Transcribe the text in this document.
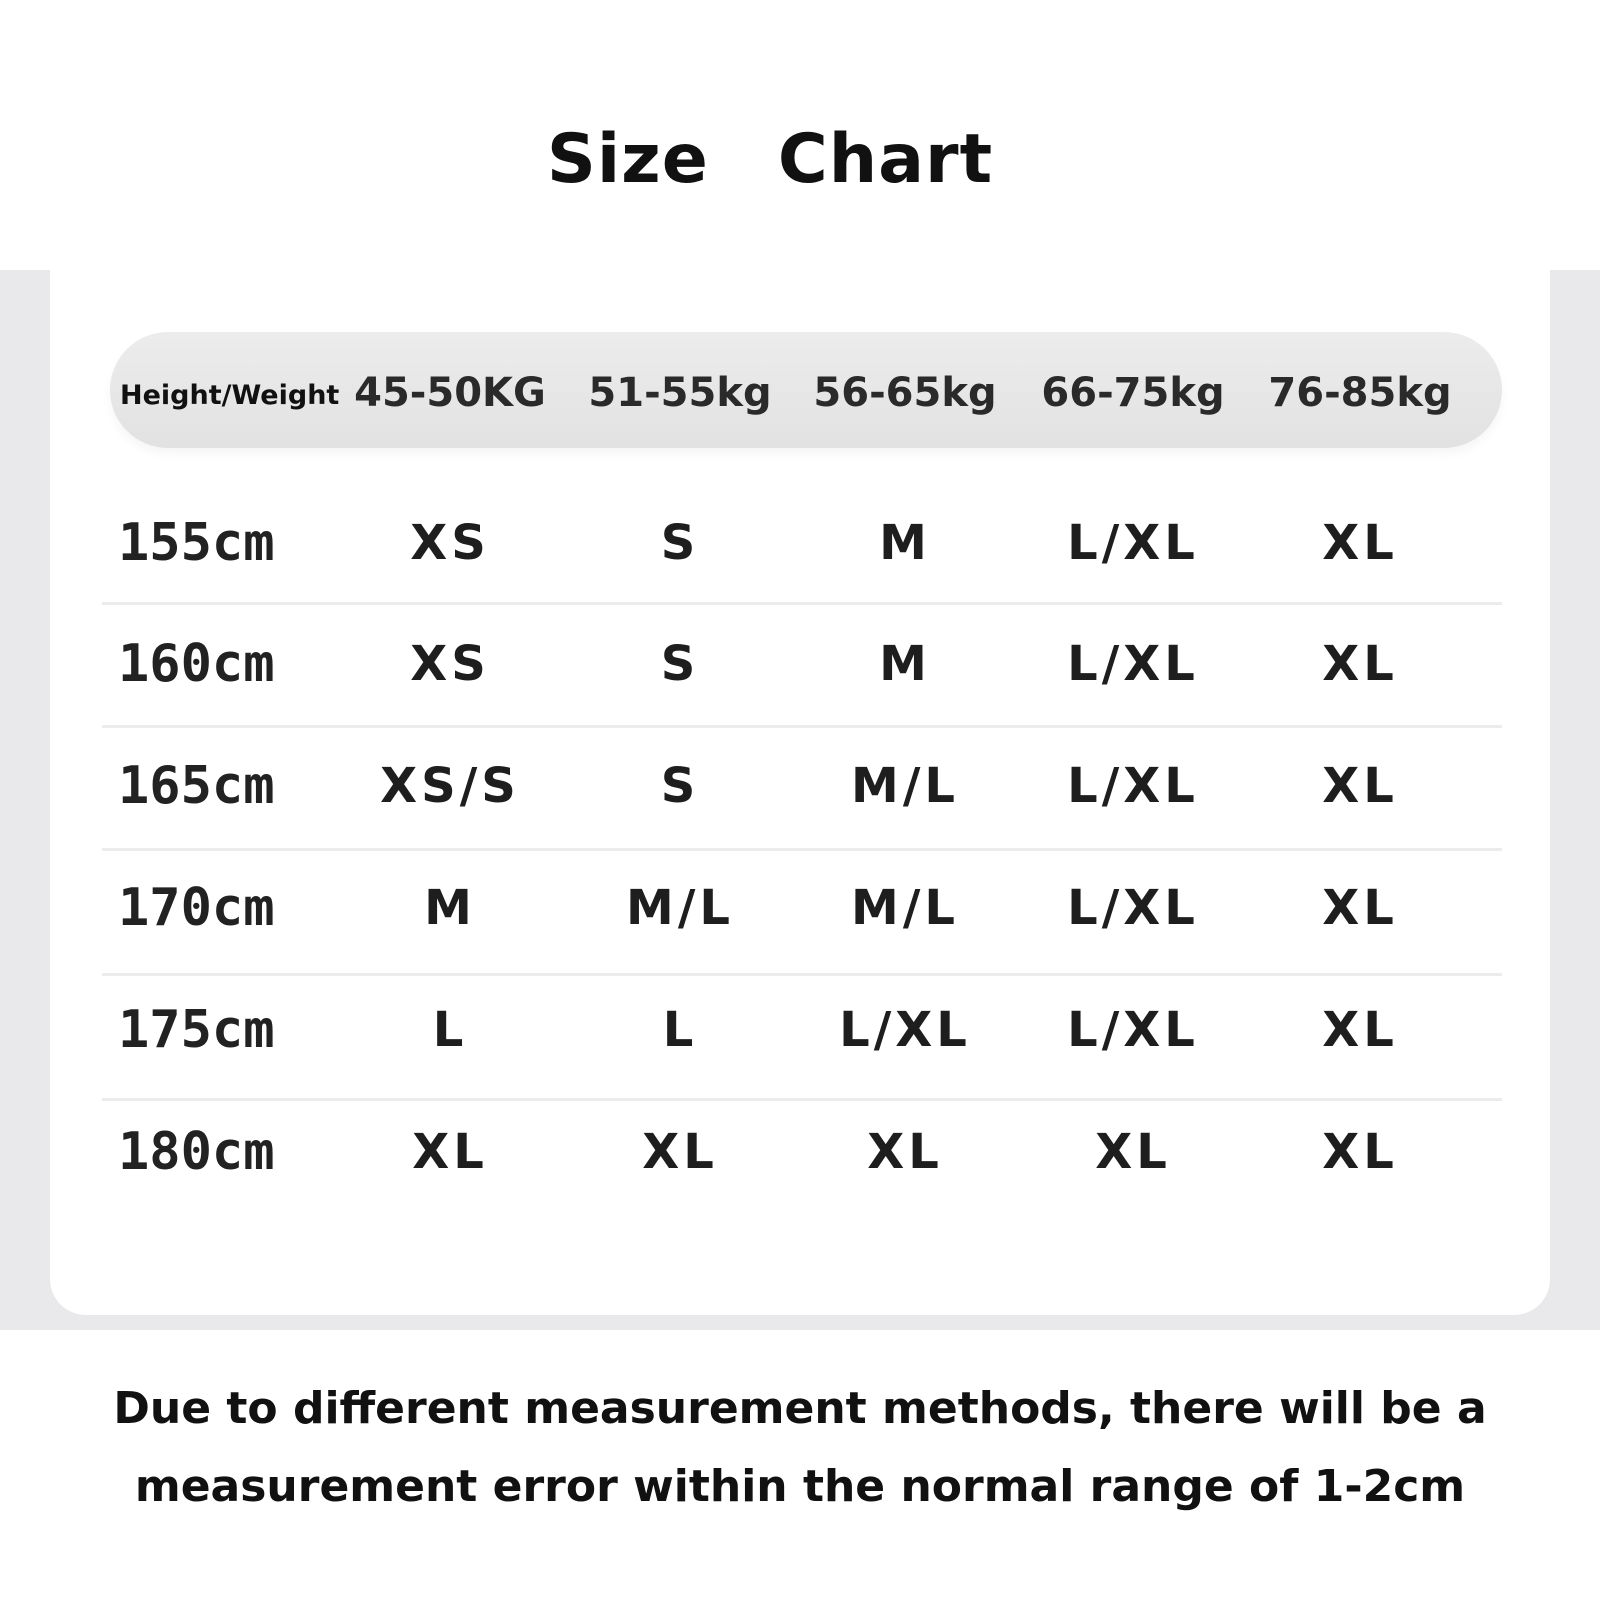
Size　Chart
Height/Weight 45-50KG	51-55kg	56-65kg	66-75kg	76-85kg
155cm	XS	S	M	L/XL	XL
160cm	XS	S	M	L/XL	XL
165cm	XS/S	S	M/L	L/XL	XL
170cm	M	M/L	M/L	L/XL	XL
175cm	L	L	L/XL	L/XL	XL
180cm	XL	XL	XL	XL	XL
Due to different measurement methods, there will be a
measurement error within the normal range of 1-2cm
